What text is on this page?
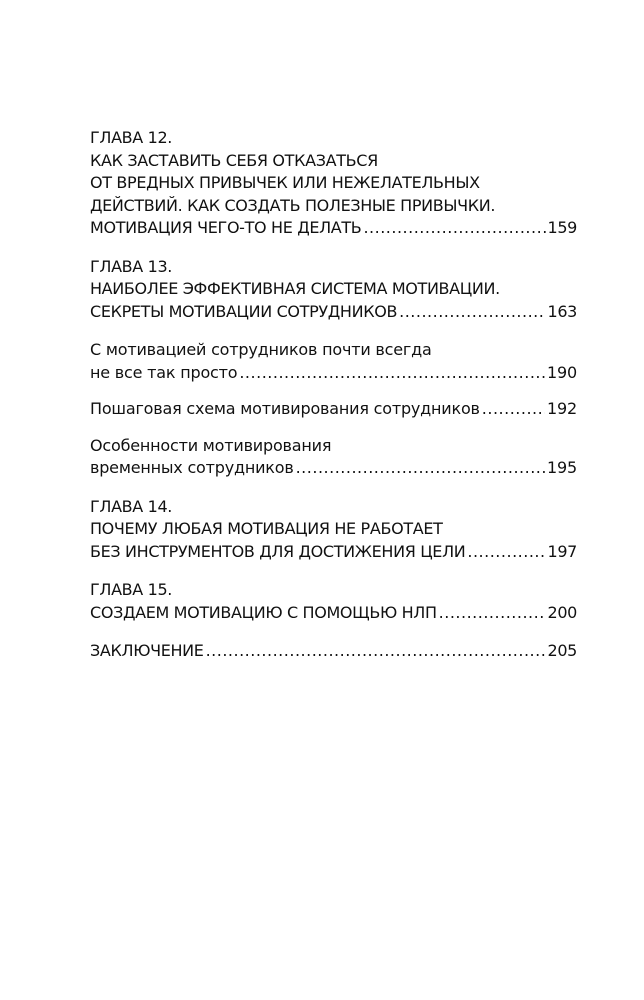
ГЛАВА 12.
КАК ЗАСТАВИТЬ СЕБЯ ОТКАЗАТЬСЯ
ОТ ВРЕДНЫХ ПРИВЫЧЕК ИЛИ НЕЖЕЛАТЕЛЬНЫХ
ДЕЙСТВИЙ. КАК СОЗДАТЬ ПОЛЕЗНЫЕ ПРИВЫЧКИ.
МОТИВАЦИЯ ЧЕГО-ТО НЕ ДЕЛАТЬ .....	159
ГЛАВА 13.
НАИБОЛЕЕ ЭФФЕКТИВНАЯ СИСТЕМА МОТИВАЦИИ.
СЕКРЕТЫ МОТИВАЦИИ СОТРУДНИКОВ .....	163
С мотивацией сотрудников почти всегда
не все так просто .....	190
Пошаговая схема мотивирования сотрудников .....	192
Особенности мотивирования
временных сотрудников .....	195
ГЛАВА 14.
ПОЧЕМУ ЛЮБАЯ МОТИВАЦИЯ НЕ РАБОТАЕТ
БЕЗ ИНСТРУМЕНТОВ ДЛЯ ДОСТИЖЕНИЯ ЦЕЛИ .....	197
ГЛАВА 15.
СОЗДАЕМ МОТИВАЦИЮ С ПОМОЩЬЮ НЛП .....	200
ЗАКЛЮЧЕНИЕ .....	205
